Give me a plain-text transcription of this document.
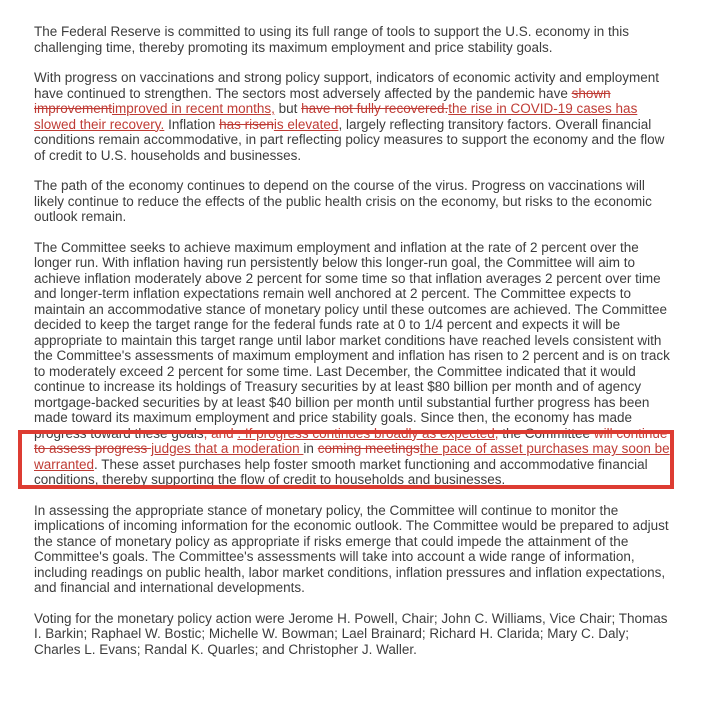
The Federal Reserve is committed to using its full range of tools to support the U.S. economy in this challenging time, thereby promoting its maximum employment and price stability goals.

With progress on vaccinations and strong policy support, indicators of economic activity and employment have continued to strengthen. The sectors most adversely affected by the pandemic have shown improvementimproved in recent months, but have not fully recovered.the rise in COVID-19 cases has slowed their recovery. Inflation has risenis elevated, largely reflecting transitory factors. Overall financial conditions remain accommodative, in part reflecting policy measures to support the economy and the flow of credit to U.S. households and businesses.

The path of the economy continues to depend on the course of the virus. Progress on vaccinations will likely continue to reduce the effects of the public health crisis on the economy, but risks to the economic outlook remain.

The Committee seeks to achieve maximum employment and inflation at the rate of 2 percent over the longer run. With inflation having run persistently below this longer-run goal, the Committee will aim to achieve inflation moderately above 2 percent for some time so that inflation averages 2 percent over time and longer-term inflation expectations remain well anchored at 2 percent. The Committee expects to maintain an accommodative stance of monetary policy until these outcomes are achieved. The Committee decided to keep the target range for the federal funds rate at 0 to 1/4 percent and expects it will be appropriate to maintain this target range until labor market conditions have reached levels consistent with the Committee's assessments of maximum employment and inflation has risen to 2 percent and is on track to moderately exceed 2 percent for some time. Last December, the Committee indicated that it would continue to increase its holdings of Treasury securities by at least $80 billion per month and of agency mortgage-backed securities by at least $40 billion per month until substantial further progress has been made toward its maximum employment and price stability goals. Since then, the economy has made progress toward these goals, and . If progress continues broadly as expected, the Committee will continue to assess progress judges that a moderation in coming meetingsthe pace of asset purchases may soon be warranted. These asset purchases help foster smooth market functioning and accommodative financial conditions, thereby supporting the flow of credit to households and businesses.

In assessing the appropriate stance of monetary policy, the Committee will continue to monitor the implications of incoming information for the economic outlook. The Committee would be prepared to adjust the stance of monetary policy as appropriate if risks emerge that could impede the attainment of the Committee's goals. The Committee's assessments will take into account a wide range of information, including readings on public health, labor market conditions, inflation pressures and inflation expectations, and financial and international developments.

Voting for the monetary policy action were Jerome H. Powell, Chair; John C. Williams, Vice Chair; Thomas I. Barkin; Raphael W. Bostic; Michelle W. Bowman; Lael Brainard; Richard H. Clarida; Mary C. Daly; Charles L. Evans; Randal K. Quarles; and Christopher J. Waller.
